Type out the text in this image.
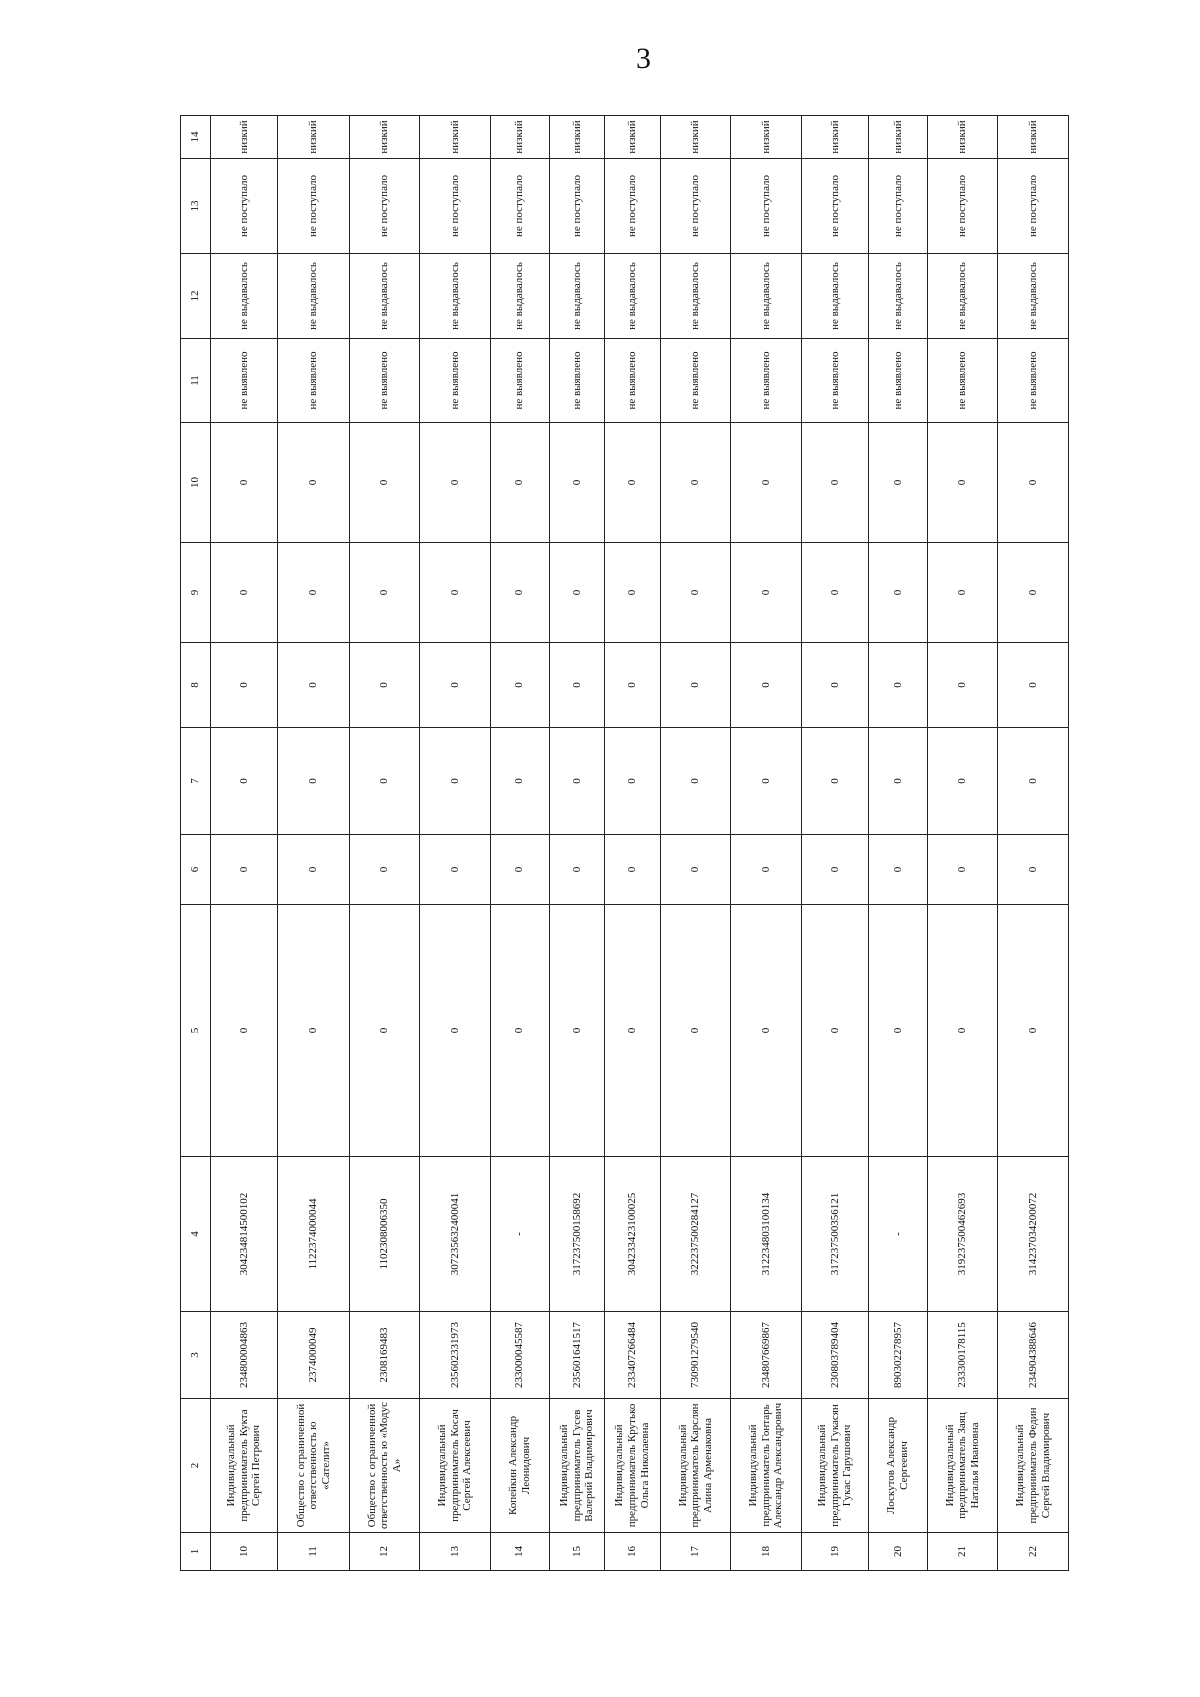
3
1	2	3	4	5	6	7	8	9	10	11	12	13	14
10	Индивидуальный предприниматель Кукта Сергей Петрович	234800004863	304234814500102	0	0	0	0	0	0	не выявлено	не выдавалось	не поступало	низкий
11	Общество с ограниченной ответственность ю «Сателит»	2374000049	1122374000044	0	0	0	0	0	0	не выявлено	не выдавалось	не поступало	низкий
12	Общество с ограниченной ответственность ю «Модус А»	2308169483	1102308006350	0	0	0	0	0	0	не выявлено	не выдавалось	не поступало	низкий
13	Индивидуальный предприниматель Косач Сергей Алексеевич	235602331973	307235632400041	0	0	0	0	0	0	не выявлено	не выдавалось	не поступало	низкий
14	Копейкин Александр Леонидович	233000045587	-	0	0	0	0	0	0	не выявлено	не выдавалось	не поступало	низкий
15	Индивидуальный предприниматель Гусев Валерий Владимирович	235601641517	317237500158692	0	0	0	0	0	0	не выявлено	не выдавалось	не поступало	низкий
16	Индивидуальный предприниматель Крутько Ольга Николаевна	233407266484	304233423100025	0	0	0	0	0	0	не выявлено	не выдавалось	не поступало	низкий
17	Индивидуальный предприниматель Карслян Алина Арменаковна	730901279540	322237500284127	0	0	0	0	0	0	не выявлено	не выдавалось	не поступало	низкий
18	Индивидуальный предприниматель Гонтарь Александр Александрович	234807669867	312234803100134	0	0	0	0	0	0	не выявлено	не выдавалось	не поступало	низкий
19	Индивидуальный предприниматель Гукасян Гукас Гарушович	230803789404	317237500356121	0	0	0	0	0	0	не выявлено	не выдавалось	не поступало	низкий
20	Лоскутов Александр Сергеевич	890302278957	-	0	0	0	0	0	0	не выявлено	не выдавалось	не поступало	низкий
21	Индивидуальный предприниматель Заяц Наталья Ивановна	233300178115	319237500462693	0	0	0	0	0	0	не выявлено	не выдавалось	не поступало	низкий
22	Индивидуальный предприниматель Федин Сергей Владимирович	234904388646	314237034200072	0	0	0	0	0	0	не выявлено	не выдавалось	не поступало	низкий
